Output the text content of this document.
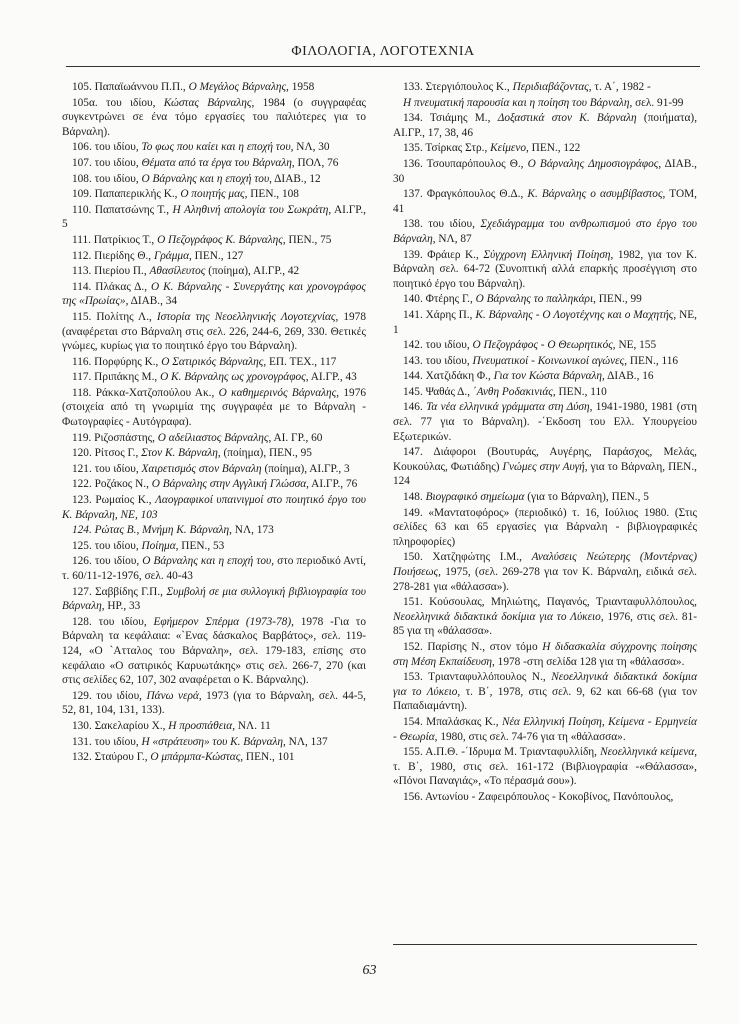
ΦΙΛΟΛΟΓΙΑ, ΛΟΓΟΤΕΧΝΙΑ

105. Παπαϊωάννου Π.Π., Ο Μεγάλος Βάρναλης, 1958

105α. του ιδίου, Κώστας Βάρναλης, 1984 (ο συγγραφέας συγκεντρώνει σε ένα τόμο εργασίες του παλιότερες για το Βάρναλη).

106. του ιδίου, Το φως που καίει και η εποχή του, ΝΛ, 30

107. του ιδίου, Θέματα από τα έργα του Βάρναλη, ΠΟΛ, 76

108. του ιδίου, Ο Βάρναλης και η εποχή του, ΔΙΑΒ., 12

109. Παπαπερικλής Κ., Ο ποιητής μας, ΠΕΝ., 108

110. Παπατσώνης Τ., Η Αληθινή απολογία του Σωκράτη, ΑΙ.ΓΡ., 5

111. Πατρίκιος Τ., Ο Πεζογράφος Κ. Βάρναλης, ΠΕΝ., 75

112. Πιερίδης Θ., Γράμμα, ΠΕΝ., 127

113. Πιερίου Π., Αθασίλευτος (ποίημα), ΑΙ.ΓΡ., 42

114. Πλάκας Δ., Ο Κ. Βάρναλης - Συνεργάτης και χρονογράφος της «Πρωίας», ΔΙΑΒ., 34

115. Πολίτης Λ., Ιστορία της Νεοελληνικής Λογοτεχνίας, 1978 (αναφέρεται στο Βάρναλη στις σελ. 226, 244-6, 269, 330. Θετικές γνώμες, κυρίως για το ποιητικό έργο του Βάρναλη).

116. Πορφύρης Κ., Ο Σατιρικός Βάρναλης, ΕΠ. ΤΕΧ., 117

117. Πριπάκης Μ., Ο Κ. Βάρναλης ως χρονογράφος, ΑΙ.ΓΡ., 43

118. Ράκκα-Χατζοπούλου Ακ., Ο καθημερινός Βάρναλης, 1976 (στοιχεία από τη γνωριμία της συγγραφέα με το Βάρναλη - Φωτογραφίες - Αυτόγραφα).

119. Ριζοσπάστης, Ο αδείλιαστος Βάρναλης, ΑΙ. ΓΡ., 60

120. Ρίτσος Γ., Στον Κ. Βάρναλη, (ποίημα), ΠΕΝ., 95

121. του ιδίου, Χαιρετισμός στον Βάρναλη (ποίημα), ΑΙ.ΓΡ., 3

122. Ροζάκος Ν., Ο Βάρναλης στην Αγγλική Γλώσσα, ΑΙ.ΓΡ., 76

123. Ρωμαίος Κ., Λαογραφικοί υπαινιγμοί στο ποιητικό έργο του Κ. Βάρναλη, ΝΕ, 103

124. Ρώτας Β., Μνήμη Κ. Βάρναλη, ΝΛ, 173

125. του ιδίου, Ποίημα, ΠΕΝ., 53

126. του ιδίου, Ο Βάρναλης και η εποχή του, στο περιοδικό Αντί, τ. 60/11-12-1976, σελ. 40-43

127. Σαββίδης Γ.Π., Συμβολή σε μια συλλογική βιβλιογραφία του Βάρναλη, ΗΡ., 33

128. του ιδίου, Εφήμερον Σπέρμα (1973-78), 1978 -Για το Βάρναλη τα κεφάλαια: «`Ενας δάσκαλος Βαρβάτος», σελ. 119-124, «Ο `Ατταλος του Βάρναλη», σελ. 179-183, επίσης στο κεφάλαιο «Ο σατιρικός Καρυωτάκης» στις σελ. 266-7, 270 (και στις σελίδες 62, 107, 302 αναφέρεται ο Κ. Βάρναλης).

129. του ιδίου, Πάνω νερά, 1973 (για το Βάρναλη, σελ. 44-5, 52, 81, 104, 131, 133).

130. Σακελαρίου Χ., Η προσπάθεια, ΝΛ. 11

131. του ιδίου, Η «στράτευση» του Κ. Βάρναλη, ΝΛ, 137

132. Σταύρου Γ., Ο μπάρμπα-Κώστας, ΠΕΝ., 101

133. Στεργιόπουλος Κ., Περιδιαβάζοντας, τ. Α΄, 1982 -

Η πνευματική παρουσία και η ποίηση του Βάρναλη, σελ. 91-99

134. Τσιάμης Μ., Δοξαστικά στον Κ. Βάρναλη (ποιήματα), ΑΙ.ΓΡ., 17, 38, 46

135. Τσίρκας Στρ., Κείμενο, ΠΕΝ., 122

136. Τσουπαρόπουλος Θ., Ο Βάρναλης Δημοσιογράφος, ΔΙΑΒ., 30

137. Φραγκόπουλος Θ.Δ., Κ. Βάρναλης ο ασυμβίβαστος, ΤΟΜ, 41

138. του ιδίου, Σχεδιάγραμμα του ανθρωπισμού στο έργο του Βάρναλη, ΝΛ, 87

139. Φράιερ Κ., Σύγχρονη Ελληνική Ποίηση, 1982, για τον Κ. Βάρναλη σελ. 64-72 (Συνοπτική αλλά επαρκής προσέγγιση στο ποιητικό έργο του Βάρναλη).

140. Φτέρης Γ., Ο Βάρναλης το παλληκάρι, ΠΕΝ., 99

141. Χάρης Π., Κ. Βάρναλης - Ο Λογοτέχνης και ο Μαχητής, ΝΕ, 1

142. του ιδίου, Ο Πεζογράφος - Ο Θεωρητικός, ΝΕ, 155

143. του ιδίου, Πνευματικοί - Κοινωνικοί αγώνες, ΠΕΝ., 116

144. Χατζιδάκη Φ., Για τον Κώστα Βάρναλη, ΔΙΑΒ., 16

145. Ψαθάς Δ., ΄Ανθη Ροδακινιάς, ΠΕΝ., 110

146. Τα νέα ελληνικά γράμματα στη Δύση, 1941-1980, 1981 (στη σελ. 77 για το Βάρναλη). -΄Εκδοση του Ελλ. Υπουργείου Εξωτερικών.

147. Διάφοροι (Βουτυράς, Αυγέρης, Παράσχος, Μελάς, Κουκούλας, Φωτιάδης) Γνώμες στην Αυγή, για το Βάρναλη, ΠΕΝ., 124

148. Βιογραφικό σημείωμα (για το Βάρναλη), ΠΕΝ., 5

149. «Μαντατοφόρος» (περιοδικό) τ. 16, Ιούλιος 1980. (Στις σελίδες 63 και 65 εργασίες για Βάρναλη - βιβλιογραφικές πληροφορίες)

150. Χατζηφώτης Ι.Μ., Αναλύσεις Νεώτερης (Μοντέρνας) Ποιήσεως, 1975, (σελ. 269-278 για τον Κ. Βάρναλη, ειδικά σελ. 278-281 για «θάλασσα»).

151. Κούσουλας, Μηλιώτης, Παγανός, Τριανταφυλλόπουλος, Νεοελληνικά διδακτικά δοκίμια για το Λύκειο, 1976, στις σελ. 81-85 για τη «θάλασσα».

152. Παρίσης Ν., στον τόμο Η διδασκαλία σύγχρονης ποίησης στη Μέση Εκπαίδευση, 1978 -στη σελίδα 128 για τη «θάλασσα».

153. Τριανταφυλλόπουλος Ν., Νεοελληνικά διδακτικά δοκίμια για το Λύκειο, τ. Β΄, 1978, στις σελ. 9, 62 και 66-68 (για τον Παπαδιαμάντη).

154. Μπαλάσκας Κ., Νέα Ελληνική Ποίηση, Κείμενα - Ερμηνεία - Θεωρία, 1980, στις σελ. 74-76 για τη «θάλασσα».

155. Α.Π.Θ. -΄Ιδρυμα Μ. Τριανταφυλλίδη, Νεοελληνικά κείμενα, τ. Β΄, 1980, στις σελ. 161-172 (Βιβλιογραφία -«Θάλασσα», «Πόνοι Παναγιάς», «Το πέρασμά σου»).

156. Αντωνίου - Ζαφειρόπουλος - Κοκοβίνος, Πανόπουλος,

63
